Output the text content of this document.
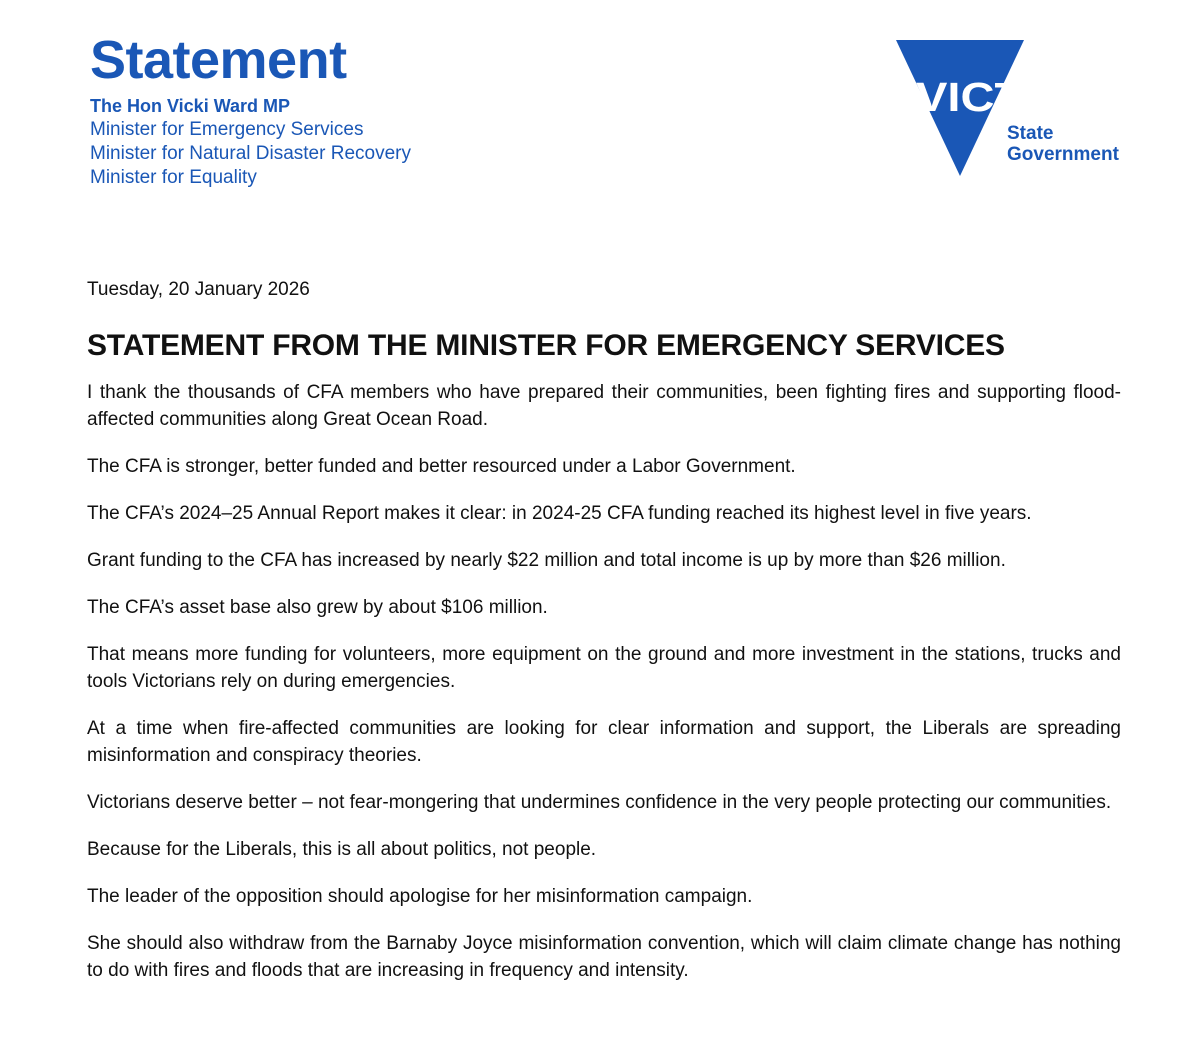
Statement
The Hon Vicki Ward MP
Minister for Emergency Services
Minister for Natural Disaster Recovery
Minister for Equality
VICTORIA
State
Government

Tuesday, 20 January 2026

STATEMENT FROM THE MINISTER FOR EMERGENCY SERVICES

I thank the thousands of CFA members who have prepared their communities, been fighting fires and supporting flood-affected communities along Great Ocean Road.

The CFA is stronger, better funded and better resourced under a Labor Government.

The CFA’s 2024–25 Annual Report makes it clear: in 2024-25 CFA funding reached its highest level in five years.

Grant funding to the CFA has increased by nearly $22 million and total income is up by more than $26 million.

The CFA’s asset base also grew by about $106 million.

That means more funding for volunteers, more equipment on the ground and more investment in the stations, trucks and tools Victorians rely on during emergencies.

At a time when fire-affected communities are looking for clear information and support, the Liberals are spreading misinformation and conspiracy theories.

Victorians deserve better – not fear-mongering that undermines confidence in the very people protecting our communities.

Because for the Liberals, this is all about politics, not people.

The leader of the opposition should apologise for her misinformation campaign.

She should also withdraw from the Barnaby Joyce misinformation convention, which will claim climate change has nothing to do with fires and floods that are increasing in frequency and intensity.
